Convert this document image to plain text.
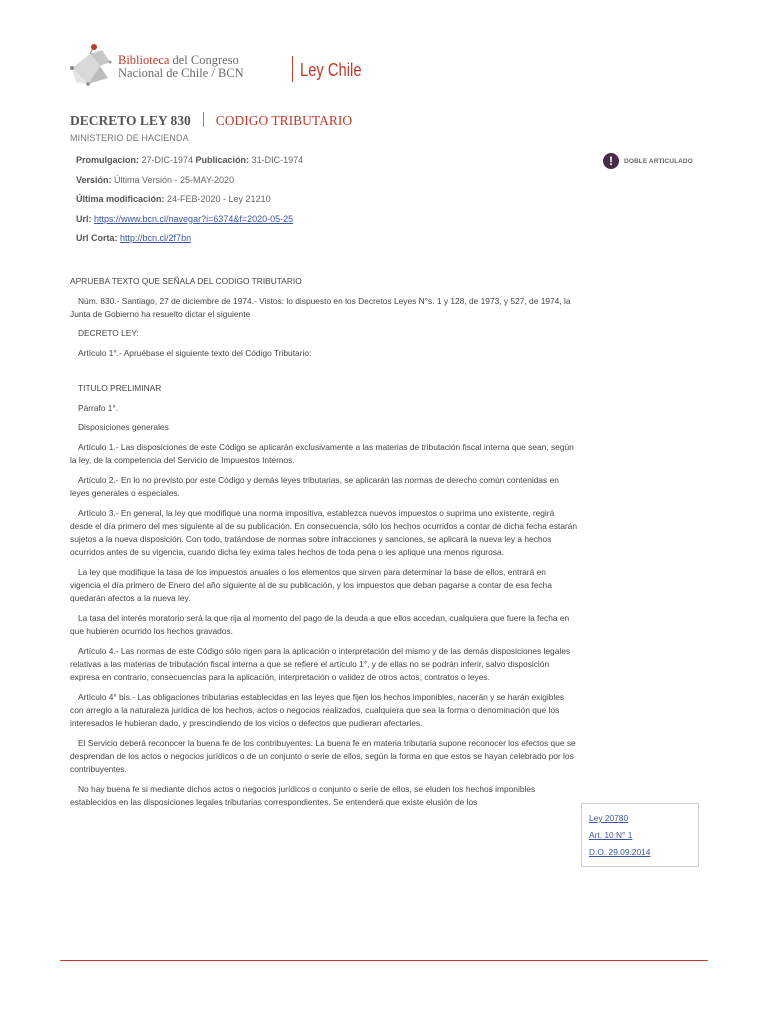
Biblioteca del Congreso
Nacional de Chile / BCN	Ley Chile
DECRETO LEY 830 CODIGO TRIBUTARIO
MINISTERIO DE HACIENDA
Promulgacion: 27-DIC-1974 Publicación: 31-DIC-1974
Versión: Última Versión - 25-MAY-2020
Última modificación: 24-FEB-2020 - Ley 21210
Url: https://www.bcn.cl/navegar?i=6374&f=2020-05-25
Url Corta: http://bcn.cl/2f7bn
!	DOBLE ARTICULADO

APRUEBA TEXTO QUE SEÑALA DEL CODIGO TRIBUTARIO

Núm. 830.- Santiago, 27 de diciembre de 1974.- Vistos: lo dispuesto en los Decretos Leyes N°s. 1 y 128, de 1973, y 527, de 1974, la Junta de Gobierno ha resuelto dictar el siguiente

DECRETO LEY:

Artículo 1°.- Apruébase el siguiente texto del Código Tributario:

TITULO PRELIMINAR

Párrafo 1°.

Disposiciones generales

Artículo 1.- Las disposiciones de este Código se aplicarán exclusivamente a las materias de tributación fiscal interna que sean, según la ley, de la competencia del Servicio de Impuestos Internos.

Artículo 2.- En lo no previsto por este Código y demás leyes tributarias, se aplicarán las normas de derecho común contenidas en leyes generales o especiales.

Artículo 3.- En general, la ley que modifique una norma impositiva, establezca nuevos impuestos o suprima uno existente, regirá desde el día primero del mes siguiente al de su publicación. En consecuencia, sólo los hechos ocurridos a contar de dicha fecha estarán sujetos a la nueva disposición. Con todo, tratándose de normas sobre infracciones y sanciones, se aplicará la nueva ley a hechos ocurridos antes de su vigencia, cuando dicha ley exima tales hechos de toda pena o les aplique una menos rigurosa.

La ley que modifique la tasa de los impuestos anuales o los elementos que sirven para determinar la base de ellos, entrará en vigencia el día primero de Enero del año siguiente al de su publicación, y los impuestos que deban pagarse a contar de esa fecha quedarán afectos a la nueva ley.

La tasa del interés moratorio será la que rija al momento del pago de la deuda a que ellos accedan, cualquiera que fuere la fecha en que hubieren ocurrido los hechos gravados.

Artículo 4.- Las normas de este Código sólo rigen para la aplicación o interpretación del mismo y de las demás disposiciones legales relativas a las materias de tributación fiscal interna a que se refiere el artículo 1°, y de ellas no se podrán inferir, salvo disposición expresa en contrario, consecuencias para la aplicación, interpretación o validez de otros actos, contratos o leyes.

Artículo 4° bis.- Las obligaciones tributarias establecidas en las leyes que fijen los hechos imponibles, nacerán y se harán exigibles con arreglo a la naturaleza jurídica de los hechos, actos o negocios realizados, cualquiera que sea la forma o denominación que los interesados le hubieran dado, y prescindiendo de los vicios o defectos que pudieran afectarles.

El Servicio deberá reconocer la buena fe de los contribuyentes. La buena fe en materia tributaria supone reconocer los efectos que se desprendan de los actos o negocios jurídicos o de un conjunto o serie de ellos, según la forma en que estos se hayan celebrado por los contribuyentes.

No hay buena fe si mediante dichos actos o negocios jurídicos o conjunto o serie de ellos, se eluden los hechos imponibles establecidos en las disposiciones legales tributarias correspondientes. Se entenderá que existe elusión de los

Ley 20780
Art. 10 N° 1
D.O. 29.09.2014
